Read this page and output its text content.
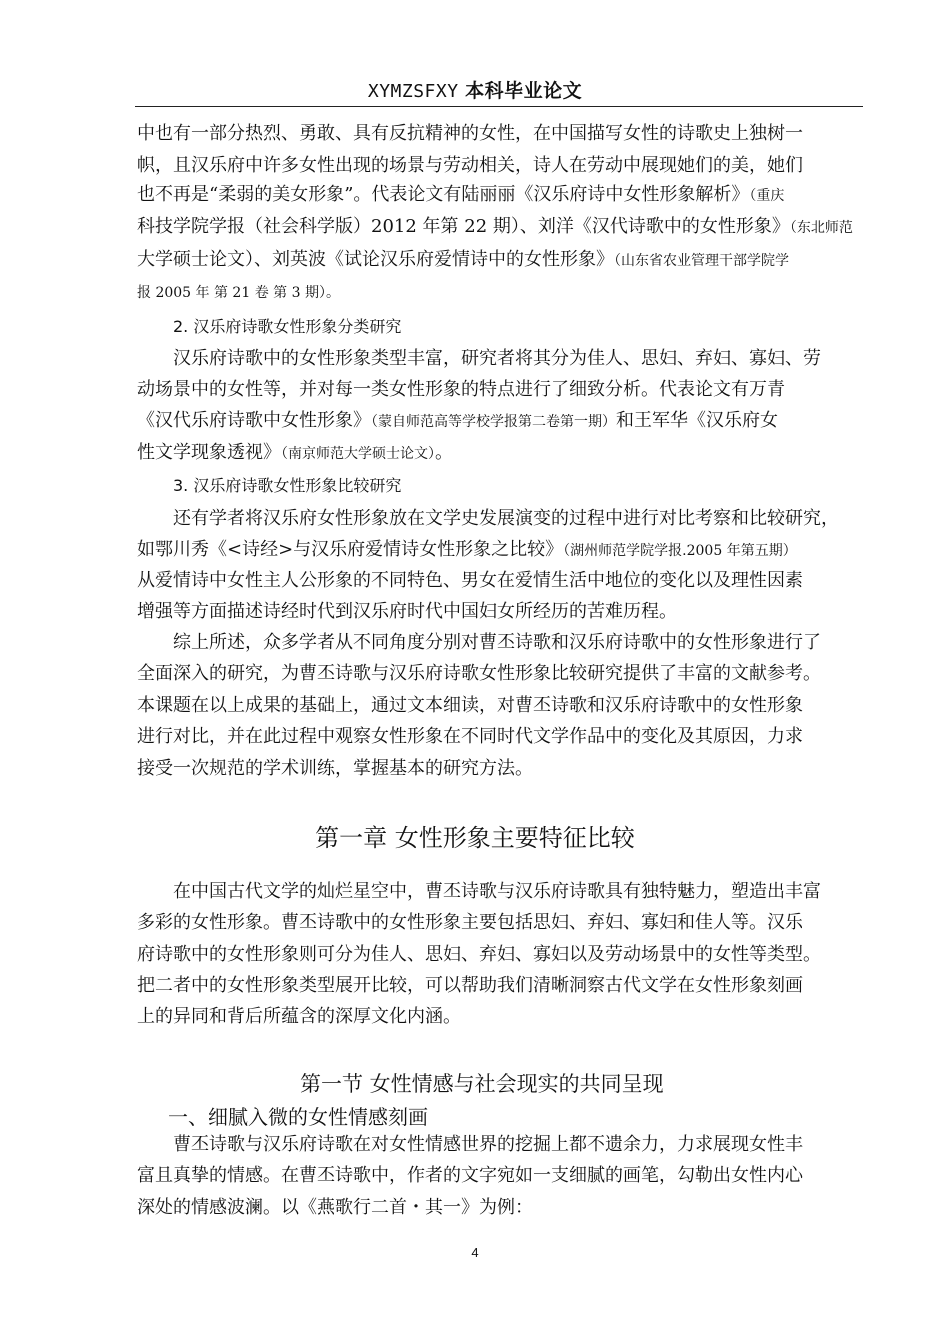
XYMZSFXY 本科毕业论文
中也有一部分热烈、勇敢、具有反抗精神的女性，在中国描写女性的诗歌史上独树一
帜，且汉乐府中许多女性出现的场景与劳动相关，诗人在劳动中展现她们的美，她们
也不再是“柔弱的美女形象”。代表论文有陆丽丽《汉乐府诗中女性形象解析》（重庆
科技学院学报（社会科学版）2012 年第 22 期）、刘洋《汉代诗歌中的女性形象》（东北师范
大学硕士论文）、刘英波《试论汉乐府爱情诗中的女性形象》（山东省农业管理干部学院学
报 2005 年 第 21 卷 第 3 期）。
2. 汉乐府诗歌女性形象分类研究
汉乐府诗歌中的女性形象类型丰富，研究者将其分为佳人、思妇、弃妇、寡妇、劳
动场景中的女性等，并对每一类女性形象的特点进行了细致分析。代表论文有万青
《汉代乐府诗歌中女性形象》（蒙自师范高等学校学报第二卷第一期）和王军华《汉乐府女
性文学现象透视》（南京师范大学硕士论文）。
3. 汉乐府诗歌女性形象比较研究
还有学者将汉乐府女性形象放在文学史发展演变的过程中进行对比考察和比较研究，
如鄂川秀《<诗经>与汉乐府爱情诗女性形象之比较》（湖州师范学院学报.2005 年第五期）
从爱情诗中女性主人公形象的不同特色、男女在爱情生活中地位的变化以及理性因素
增强等方面描述诗经时代到汉乐府时代中国妇女所经历的苦难历程。
综上所述，众多学者从不同角度分别对曹丕诗歌和汉乐府诗歌中的女性形象进行了
全面深入的研究，为曹丕诗歌与汉乐府诗歌女性形象比较研究提供了丰富的文献参考。
本课题在以上成果的基础上，通过文本细读，对曹丕诗歌和汉乐府诗歌中的女性形象
进行对比，并在此过程中观察女性形象在不同时代文学作品中的变化及其原因，力求
接受一次规范的学术训练，掌握基本的研究方法。
在中国古代文学的灿烂星空中，曹丕诗歌与汉乐府诗歌具有独特魅力，塑造出丰富
多彩的女性形象。曹丕诗歌中的女性形象主要包括思妇、弃妇、寡妇和佳人等。汉乐
府诗歌中的女性形象则可分为佳人、思妇、弃妇、寡妇以及劳动场景中的女性等类型。
把二者中的女性形象类型展开比较，可以帮助我们清晰洞察古代文学在女性形象刻画
上的异同和背后所蕴含的深厚文化内涵。
曹丕诗歌与汉乐府诗歌在对女性情感世界的挖掘上都不遗余力，力求展现女性丰
富且真挚的情感。在曹丕诗歌中，作者的文字宛如一支细腻的画笔，勾勒出女性内心
深处的情感波澜。以《燕歌行二首・其一》为例：
第一章 女性形象主要特征比较
第一节 女性情感与社会现实的共同呈现
一、细腻入微的女性情感刻画
4
